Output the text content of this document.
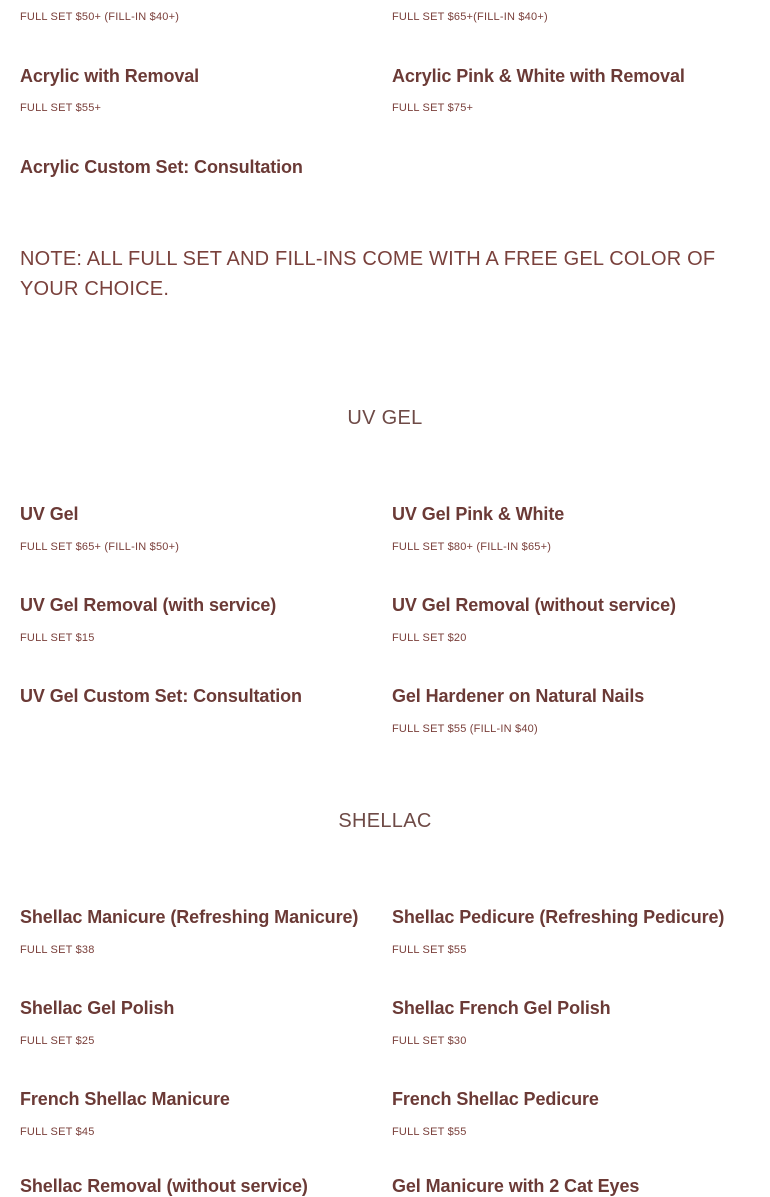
FULL SET $50+ (FILL-IN $40+)	FULL SET $65+(FILL-IN $40+)
Acrylic with Removal
FULL SET $55+
Acrylic Pink & White with Removal
FULL SET $75+
Acrylic Custom Set: Consultation
NOTE: ALL FULL SET AND FILL-INS COME WITH A FREE GEL COLOR OF YOUR CHOICE.
UV GEL
UV Gel
FULL SET $65+ (FILL-IN $50+)
UV Gel Pink & White
FULL SET $80+ (FILL-IN $65+)
UV Gel Removal (with service)
FULL SET $15
UV Gel Removal (without service)
FULL SET $20
UV Gel Custom Set: Consultation	Gel Hardener on Natural Nails
FULL SET $55 (FILL-IN $40)
SHELLAC
Shellac Manicure (Refreshing Manicure)
FULL SET $38
Shellac Pedicure (Refreshing Pedicure)
FULL SET $55
Shellac Gel Polish
FULL SET $25
Shellac French Gel Polish
FULL SET $30
French Shellac Manicure
FULL SET $45
French Shellac Pedicure
FULL SET $55
Shellac Removal (without service)	Gel Manicure with 2 Cat Eyes
